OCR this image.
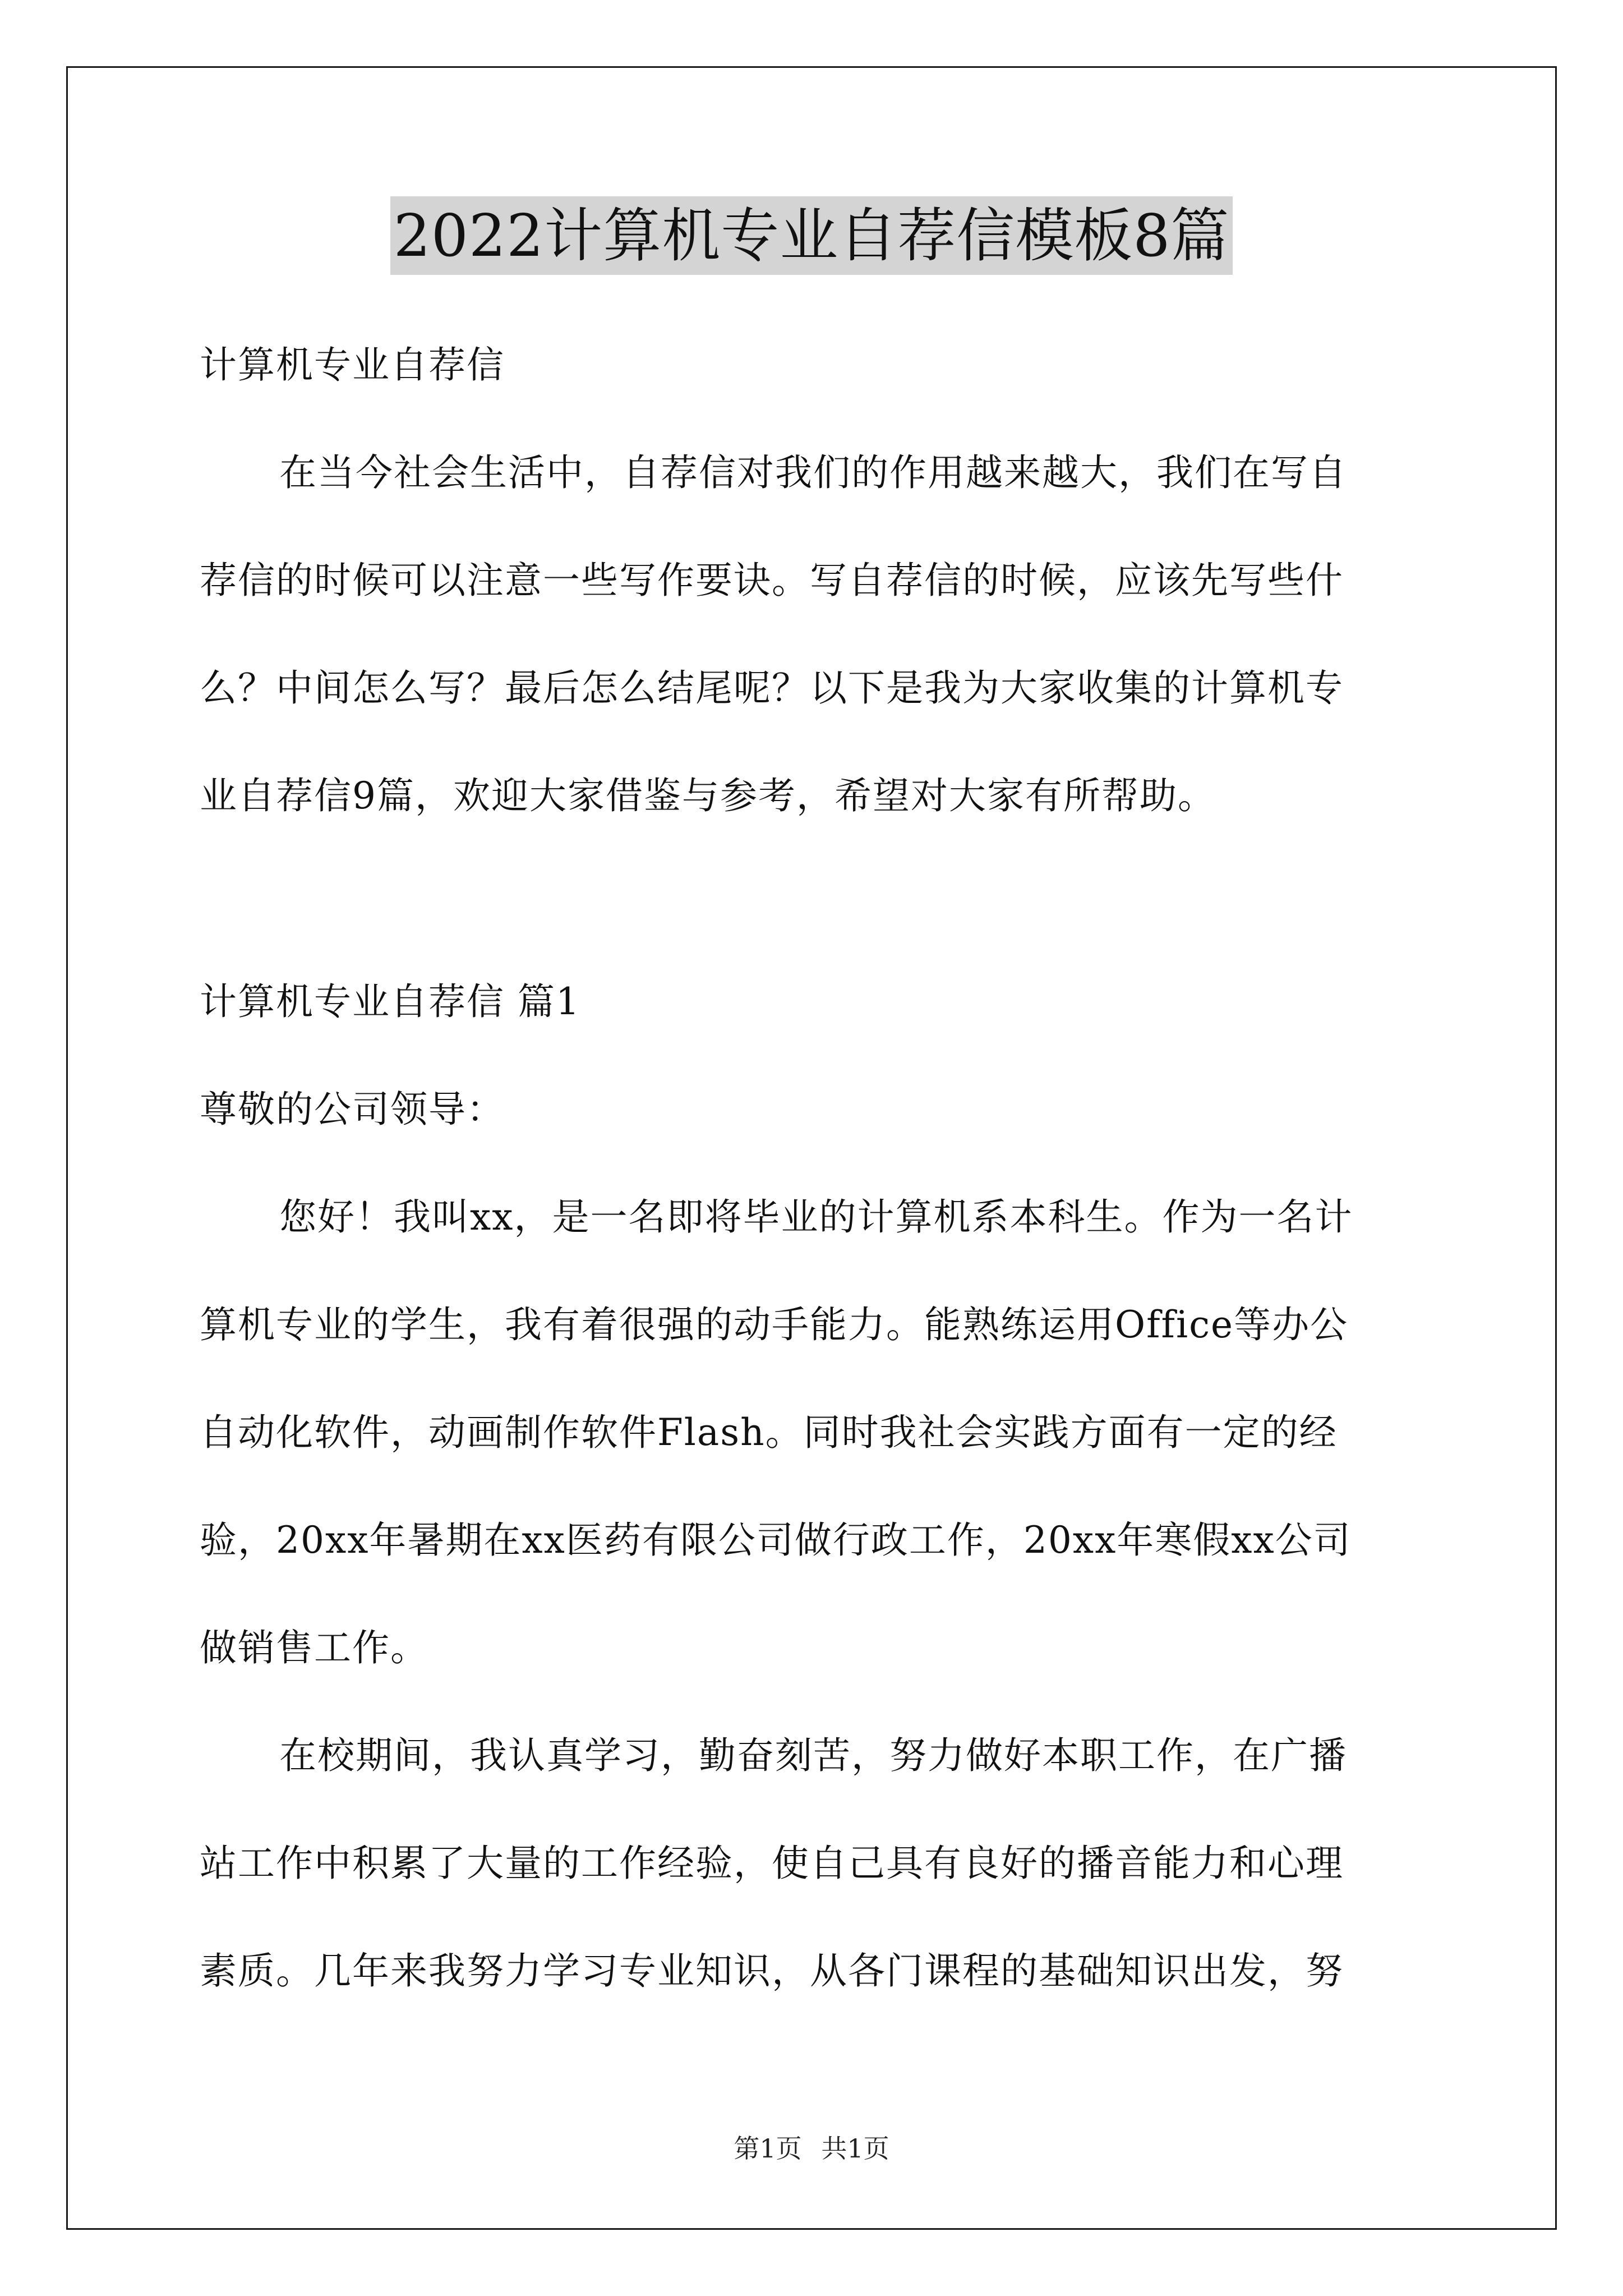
2022计算机专业自荐信模板8篇
计算机专业自荐信
在当今社会生活中，自荐信对我们的作用越来越大，我们在写自
荐信的时候可以注意一些写作要诀。写自荐信的时候，应该先写些什
么？中间怎么写？最后怎么结尾呢？以下是我为大家收集的计算机专
业自荐信9篇，欢迎大家借鉴与参考，希望对大家有所帮助。
计算机专业自荐信 篇1
尊敬的公司领导：
您好！我叫xx，是一名即将毕业的计算机系本科生。作为一名计
算机专业的学生，我有着很强的动手能力。能熟练运用Office等办公
自动化软件，动画制作软件Flash。同时我社会实践方面有一定的经
验，20xx年暑期在xx医药有限公司做行政工作，20xx年寒假xx公司
做销售工作。
在校期间，我认真学习，勤奋刻苦，努力做好本职工作，在广播
站工作中积累了大量的工作经验，使自己具有良好的播音能力和心理
素质。几年来我努力学习专业知识，从各门课程的基础知识出发，努
第1页 共1页
